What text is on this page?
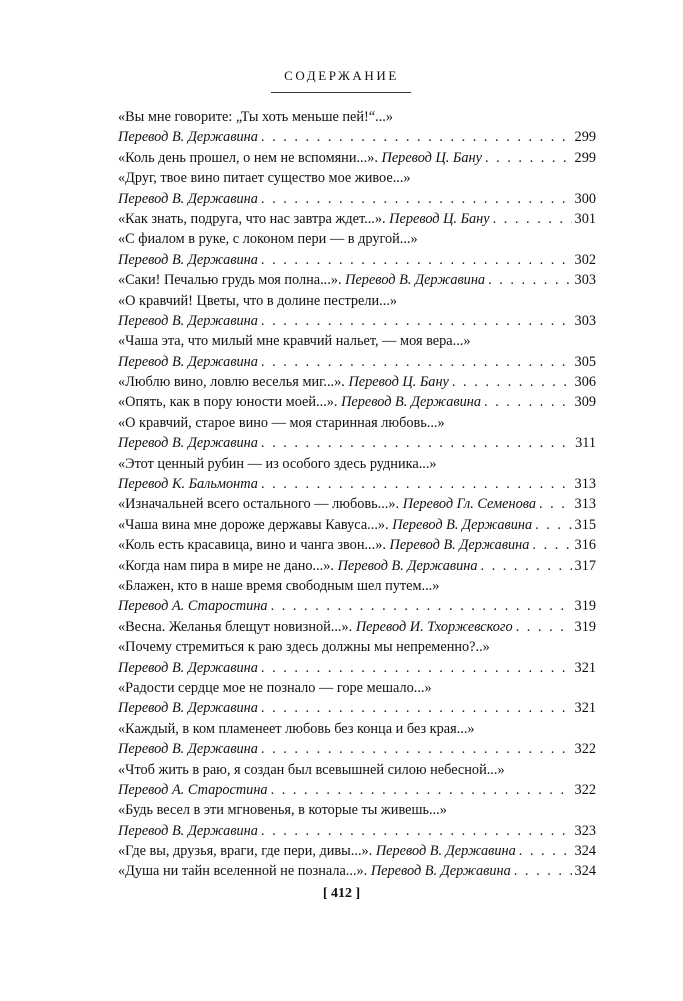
СОДЕРЖАНИЕ
«Вы мне говорите: „Ты хоть меньше пей!“...»
Перевод В. Державина . . .	299
«Коль день прошел, о нем не вспомяни...».
Перевод Ц. Бану . . .	299
«Друг, твое вино питает существо мое живое...»
Перевод В. Державина . . .	300
«Как знать, подруга, что нас завтра ждет...».
Перевод Ц. Бану . . .	301
«С фиалом в руке, с локоном пери — в другой...»
Перевод В. Державина . . .	302
«Саки! Печалью грудь моя полна...».
Перевод В. Державина . . .	303
«О кравчий! Цветы, что в долине пестрели...»
Перевод В. Державина . . .	303
«Чаша эта, что милый мне кравчий нальет, — моя вера...»
Перевод В. Державина . . .	305
«Люблю вино, ловлю веселья миг...».
Перевод Ц. Бану . . .	306
«Опять, как в пору юности моей...».
Перевод В. Державина . . .	309
«О кравчий, старое вино — моя старинная любовь...»
Перевод В. Державина . . .	311
«Этот ценный рубин — из особого здесь рудника...»
Перевод К. Бальмонта . . .	313
«Изначальней всего остального — любовь...».
Перевод Гл. Семенова . . .	313
«Чаша вина мне дороже державы Кавуса...».
Перевод В. Державина . . .	315
«Коль есть красавица, вино и чанга звон...».
Перевод В. Державина . . .	316
«Когда нам пира в мире не дано...».
Перевод В. Державина . . .	317
«Блажен, кто в наше время свободным шел путем...»
Перевод А. Старостина . . .	319
«Весна. Желанья блещут новизной...».
Перевод И. Тхоржевского . . .	319
«Почему стремиться к раю здесь должны мы непременно?..»
Перевод В. Державина . . .	321
«Радости сердце мое не познало — горе мешало...»
Перевод В. Державина . . .	321
«Каждый, в ком пламенеет любовь без конца и без края...»
Перевод В. Державина . . .	322
«Чтоб жить в раю, я создан был всевышней силою небесной...»
Перевод А. Старостина . . .	322
«Будь весел в эти мгновенья, в которые ты живешь...»
Перевод В. Державина . . .	323
«Где вы, друзья, враги, где пери, дивы...».
Перевод В. Державина . . .	324
«Душа ни тайн вселенной не познала...».
Перевод В. Державина . . .	324
[ 412 ]
